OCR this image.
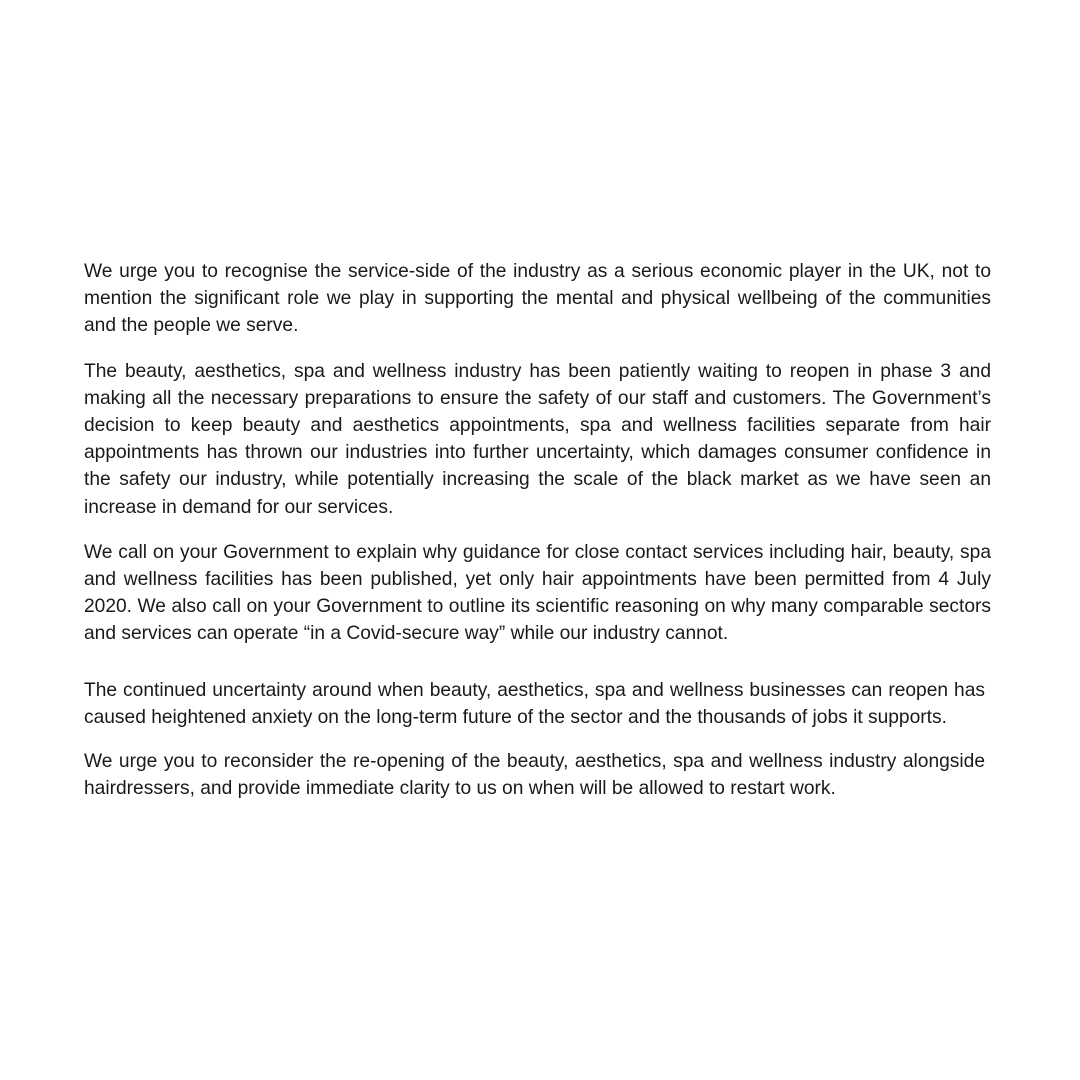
We urge you to recognise the service-side of the industry as a serious economic player in the UK, not to mention the significant role we play in supporting the mental and physical wellbeing of the communities and the people we serve.

The beauty, aesthetics, spa and wellness industry has been patiently waiting to reopen in phase 3 and making all the necessary preparations to ensure the safety of our staff and customers. The Government’s decision to keep beauty and aesthetics appointments, spa and wellness facilities separate from hair appointments has thrown our industries into further uncertainty, which damages consumer confidence in the safety our industry, while potentially increasing the scale of the black market as we have seen an increase in demand for our services.

We call on your Government to explain why guidance for close contact services including hair, beauty, spa and wellness facilities has been published, yet only hair appointments have been permitted from 4 July 2020. We also call on your Government to outline its scientific reasoning on why many comparable sectors and services can operate “in a Covid-secure way” while our industry cannot.

The continued uncertainty around when beauty, aesthetics, spa and wellness businesses can reopen has caused heightened anxiety on the long-term future of the sector and the thousands of jobs it supports.

We urge you to reconsider the re-opening of the beauty, aesthetics, spa and wellness industry alongside hairdressers, and provide immediate clarity to us on when will be allowed to restart work.
